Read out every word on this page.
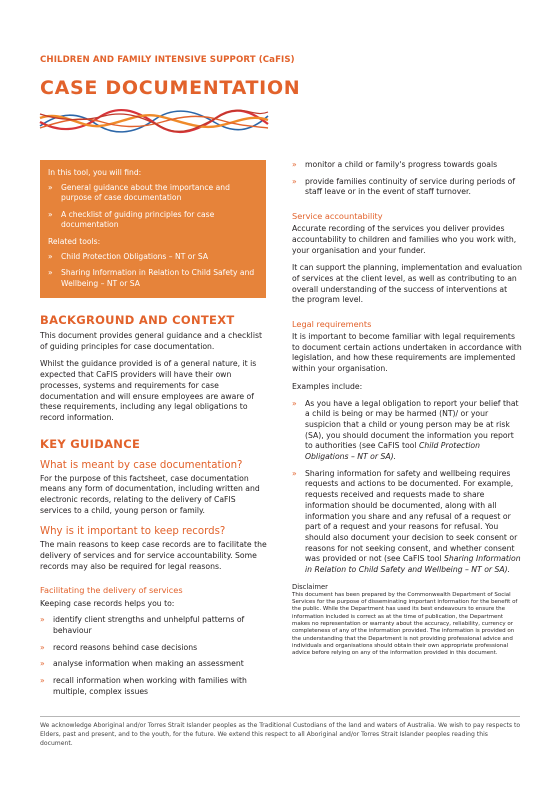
CHILDREN AND FAMILY INTENSIVE SUPPORT (CaFIS)
CASE DOCUMENTATION

In this tool, you will find:

» General guidance about the importance and purpose of case documentation
» A checklist of guiding principles for case documentation

Related tools:

» Child Protection Obligations – NT or SA
» Sharing Information in Relation to Child Safety and Wellbeing – NT or SA

BACKGROUND AND CONTEXT

This document provides general guidance and a checklist of guiding principles for case documentation.

Whilst the guidance provided is of a general nature, it is expected that CaFIS providers will have their own processes, systems and requirements for case documentation and will ensure employees are aware of these requirements, including any legal obligations to record information.

KEY GUIDANCE

What is meant by case documentation?

For the purpose of this factsheet, case documentation means any form of documentation, including written and electronic records, relating to the delivery of CaFIS services to a child, young person or family.

Why is it important to keep records?

The main reasons to keep case records are to facilitate the delivery of services and for service accountability. Some records may also be required for legal reasons.

Facilitating the delivery of services

Keeping case records helps you to:

» identify client strengths and unhelpful patterns of behaviour
» record reasons behind case decisions
» analyse information when making an assessment
» recall information when working with families with multiple, complex issues
» monitor a child or family's progress towards goals
» provide families continuity of service during periods of staff leave or in the event of staff turnover.

Service accountability

Accurate recording of the services you deliver provides accountability to children and families who you work with, your organisation and your funder.

It can support the planning, implementation and evaluation of services at the client level, as well as contributing to an overall understanding of the success of interventions at the program level.

Legal requirements

It is important to become familiar with legal requirements to document certain actions undertaken in accordance with legislation, and how these requirements are implemented within your organisation.

Examples include:

» As you have a legal obligation to report your belief that a child is being or may be harmed (NT)/ or your suspicion that a child or young person may be at risk (SA), you should document the information you report to authorities (see CaFIS tool Child Protection Obligations – NT or SA).
» Sharing information for safety and wellbeing requires requests and actions to be documented. For example, requests received and requests made to share information should be documented, along with all information you share and any refusal of a request or part of a request and your reasons for refusal. You should also document your decision to seek consent or reasons for not seeking consent, and whether consent was provided or not (see CaFIS tool Sharing Information in Relation to Child Safety and Wellbeing – NT or SA).

Disclaimer

This document has been prepared by the Commonwealth Department of Social Services for the purpose of disseminating important information for the benefit of the public. While the Department has used its best endeavours to ensure the information included is correct as at the time of publication, the Department makes no representation or warranty about the accuracy, reliability, currency or completeness of any of the information provided. The information is provided on the understanding that the Department is not providing professional advice and individuals and organisations should obtain their own appropriate professional advice before relying on any of the information provided in this document.

We acknowledge Aboriginal and/or Torres Strait Islander peoples as the Traditional Custodians of the land and waters of Australia. We wish to pay respects to Elders, past and present, and to the youth, for the future. We extend this respect to all Aboriginal and/or Torres Strait Islander peoples reading this document.
